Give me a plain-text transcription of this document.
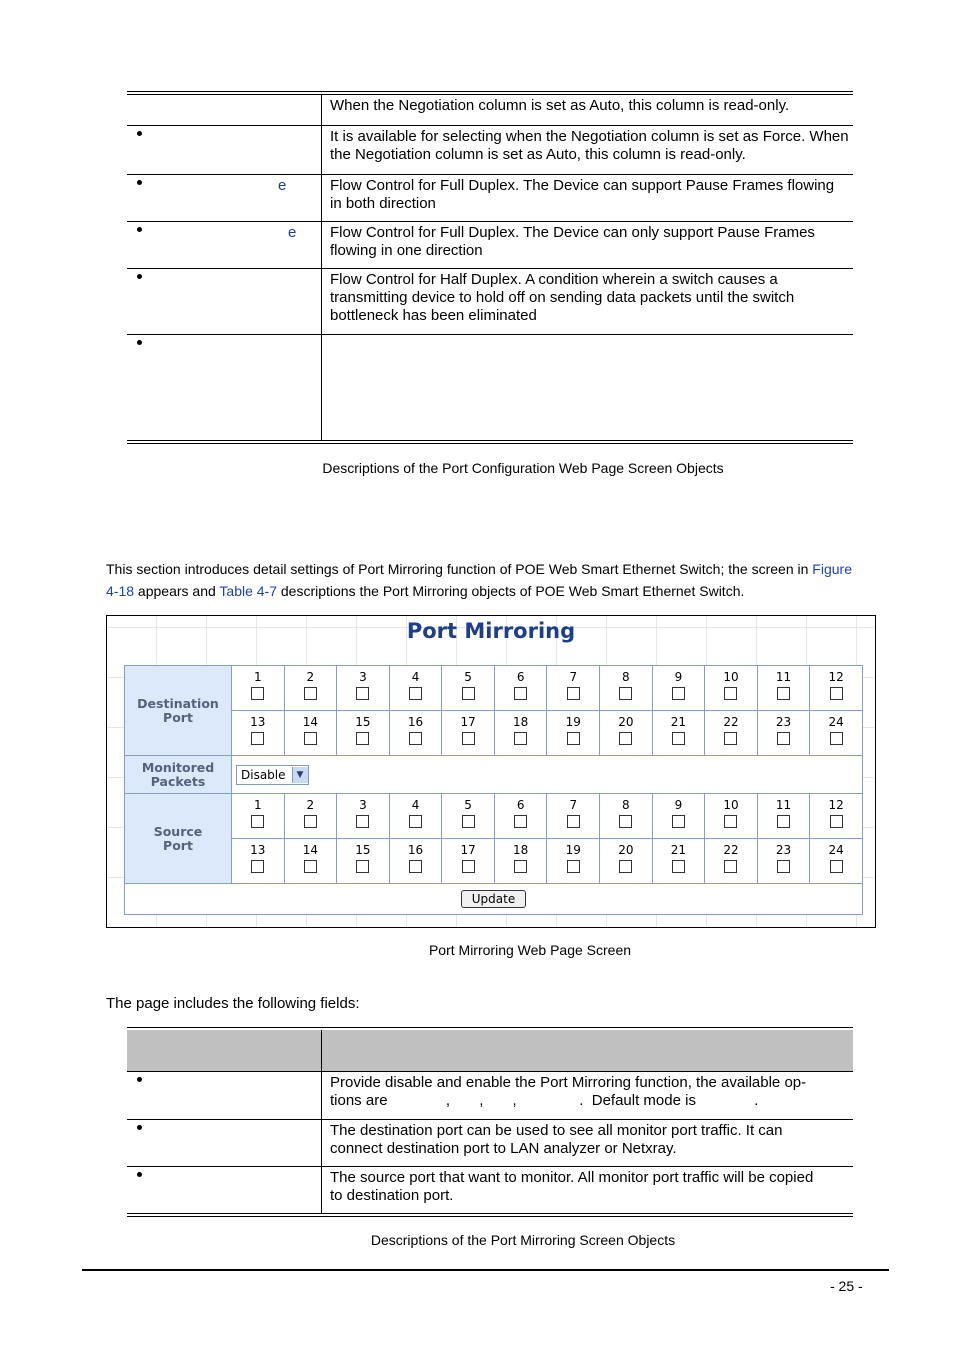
	When the Negotiation column is set as Auto, this column is read-only.

	It is available for selecting when the Negotiation column is set as Force. When the Negotiation column is set as Auto, this column is read-only.

e	Flow Control for Full Duplex. The Device can support Pause Frames flowing in both direction

e	Flow Control for Full Duplex. The Device can only support Pause Frames flowing in one direction

	Flow Control for Half Duplex. A condition wherein a switch causes a transmitting device to hold off on sending data packets until the switch bottleneck has been eliminated

Descriptions of the Port Configuration Web Page Screen Objects
This section introduces detail settings of Port Mirroring function of POE Web Smart Ethernet Switch; the screen in Figure
4-18 appears and Table 4-7 descriptions the Port Mirroring objects of POE Web Smart Ethernet Switch.
Port Mirroring
Destination
Port	1	2	3	4	5	6	7	8	9	10	11	12

	13	14	15	16	17	18	19	20	21	22	23	24

Monitored
Packets	Disable ▼											

Source
Port	1	2	3	4	5	6	7	8	9	10	11	12

	13	14	15	16	17	18	19	20	21	22	23	24

Update												
Port Mirroring Web Page Screen
The page includes the following fields:
	Provide disable and enable the Port Mirroring function, the available op-
tions are              ,       ,       ,               .  Default mode is              .

	The destination port can be used to see all monitor port traffic. It can
connect destination port to LAN analyzer or Netxray.

	The source port that want to monitor. All monitor port traffic will be copied
to destination port.
Descriptions of the Port Mirroring Screen Objects
- 25 -
